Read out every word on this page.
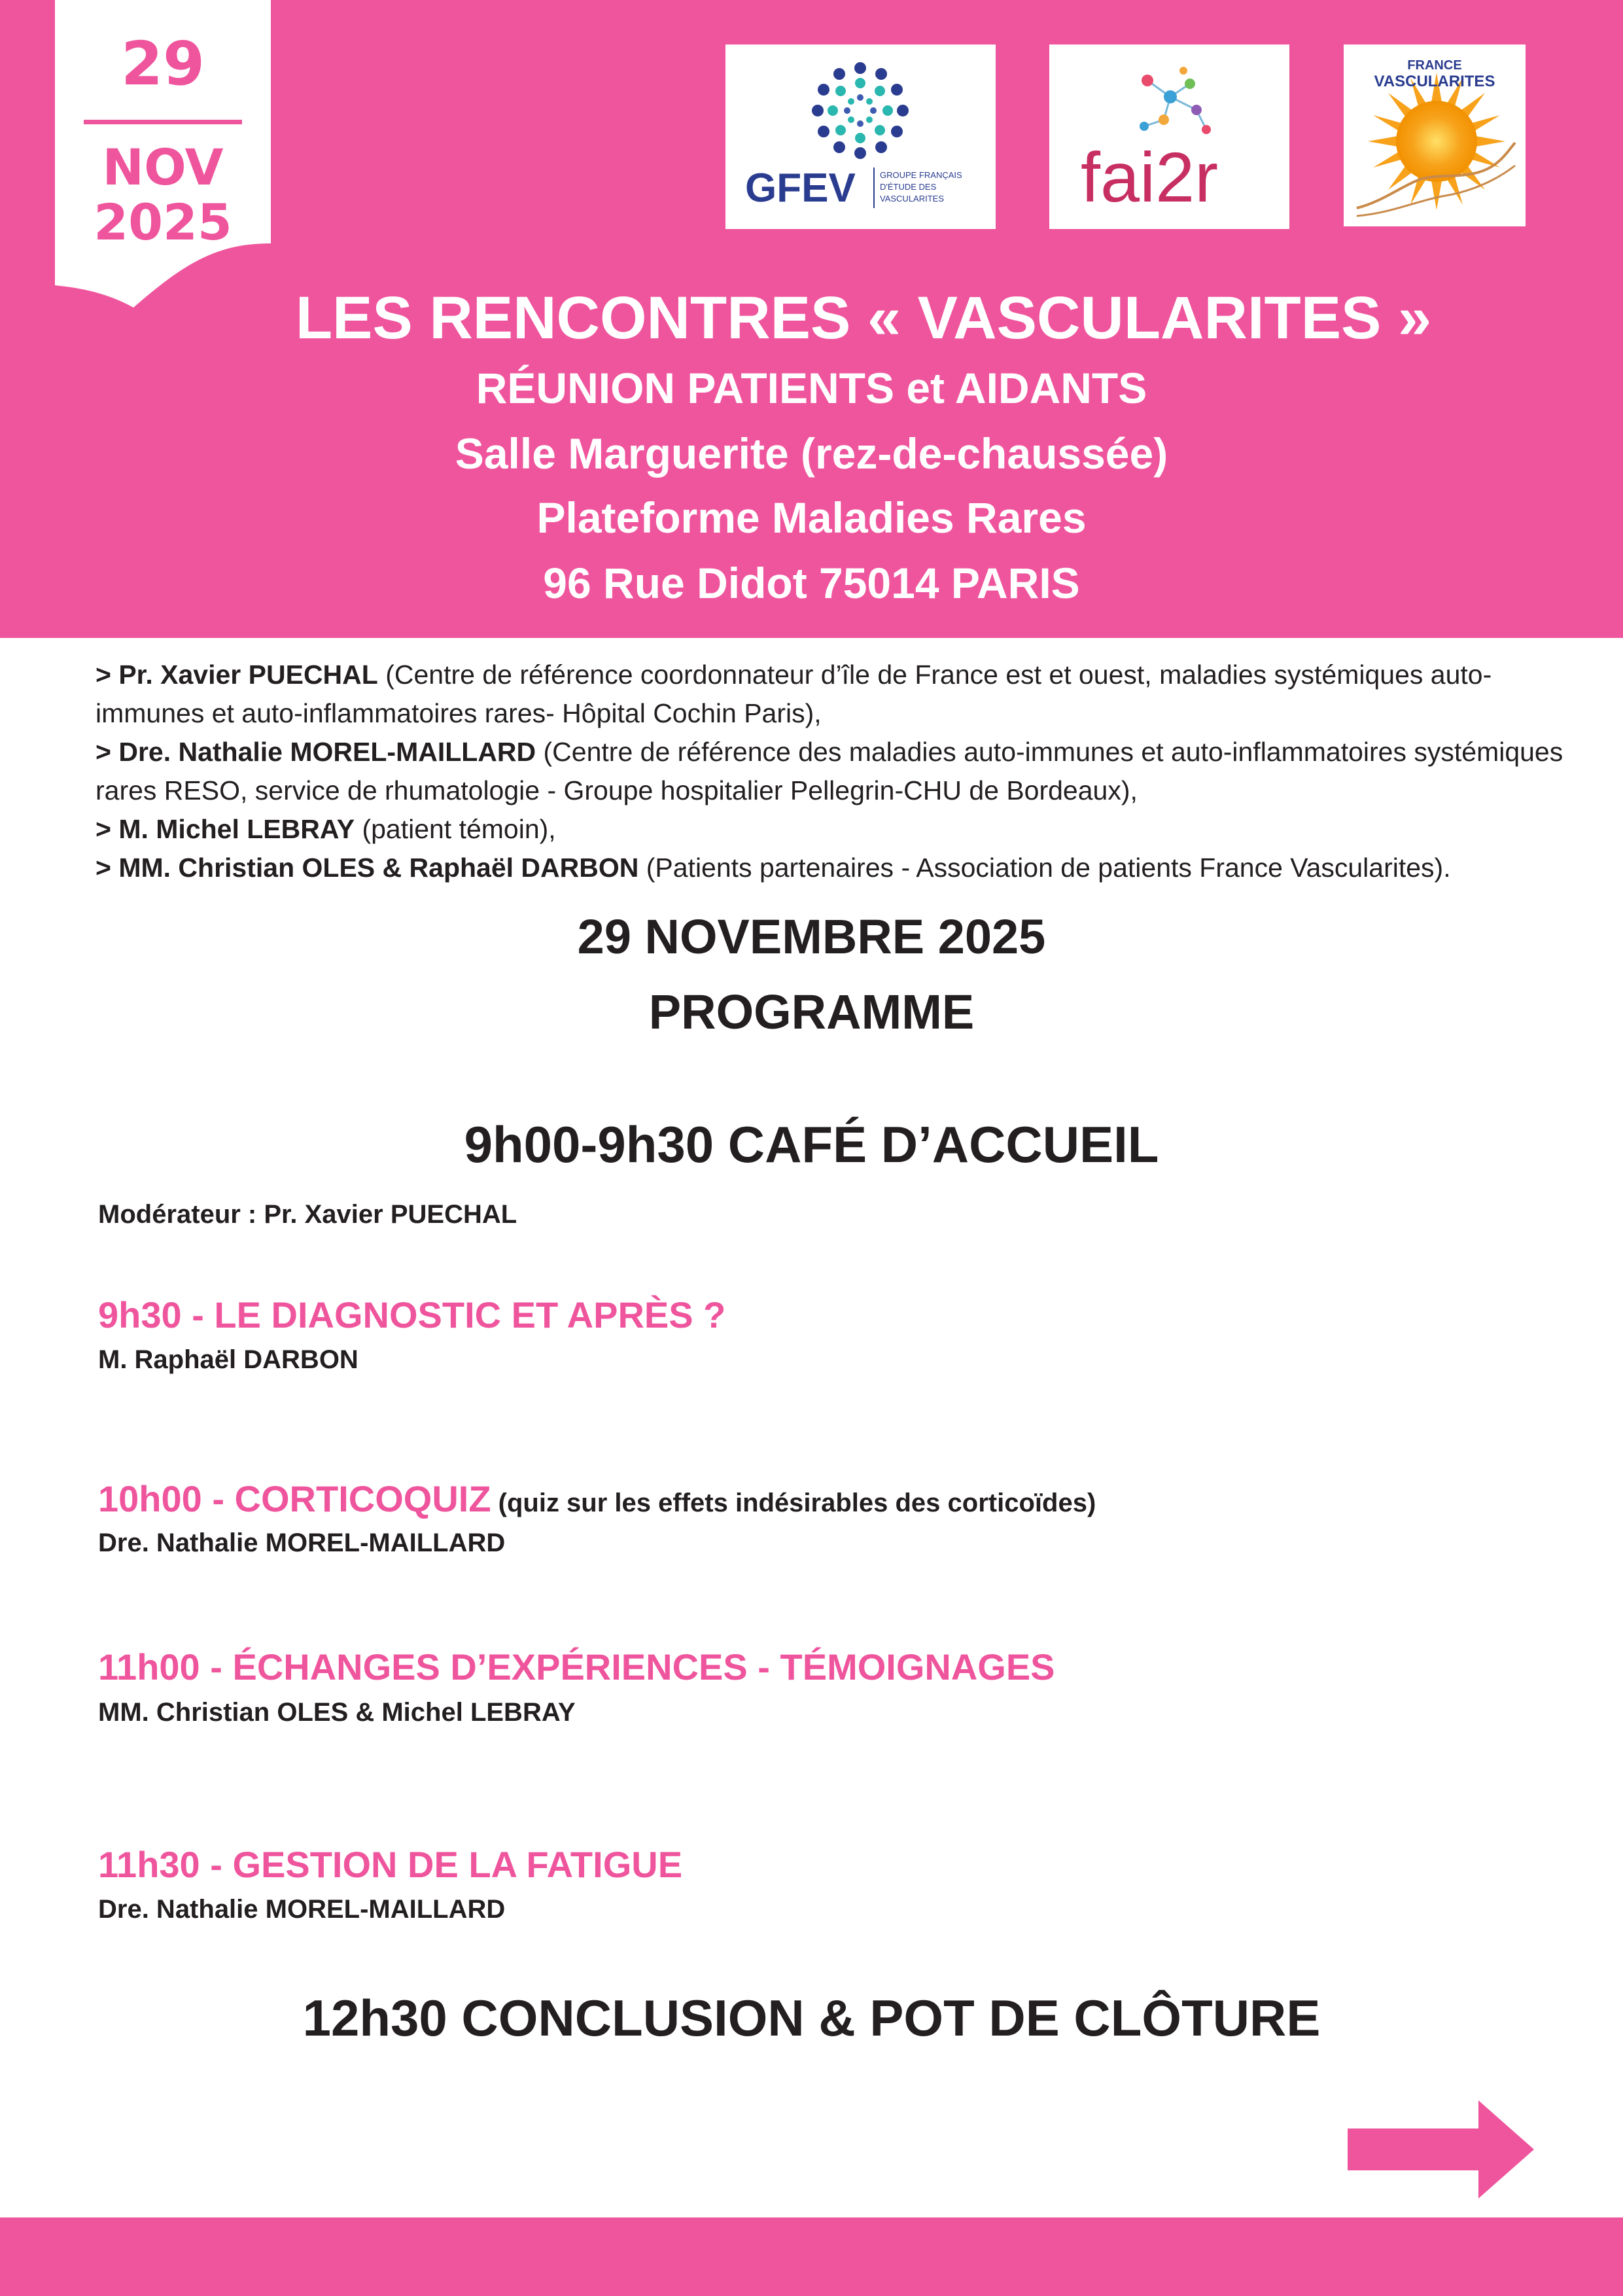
29
NOV
2025
GFEV	GROUPE FRANÇAIS
D'ÉTUDE DES
VASCULARITES fai2r
FRANCE
VASCULARITES
LES RENCONTRES « VASCULARITES »
RÉUNION PATIENTS et AIDANTS
Salle Marguerite (rez-de-chaussée)
Plateforme Maladies Rares
96 Rue Didot 75014 PARIS

> Pr. Xavier PUECHAL (Centre de référence coordonnateur d’île de France est et ouest, maladies systémiques auto-immunes et auto-inflammatoires rares- Hôpital Cochin Paris),

> Dre. Nathalie MOREL-MAILLARD (Centre de référence des maladies auto-immunes et auto-inflammatoires systémiques rares RESO, service de rhumatologie - Groupe hospitalier Pellegrin-CHU de Bordeaux),

> M. Michel LEBRAY (patient témoin),

> MM. Christian OLES & Raphaël DARBON (Patients partenaires - Association de patients France Vascularites).

29 NOVEMBRE 2025
PROGRAMME
9h00-9h30 CAFÉ D’ACCUEIL
Modérateur : Pr. Xavier PUECHAL
9h30 - LE DIAGNOSTIC ET APRÈS ?
M. Raphaël DARBON
10h00 - CORTICOQUIZ (quiz sur les effets indésirables des corticoïdes)
Dre. Nathalie MOREL-MAILLARD
11h00 - ÉCHANGES D’EXPÉRIENCES - TÉMOIGNAGES
MM. Christian OLES & Michel LEBRAY
11h30 - GESTION DE LA FATIGUE
Dre. Nathalie MOREL-MAILLARD
12h30 CONCLUSION & POT DE CLÔTURE
